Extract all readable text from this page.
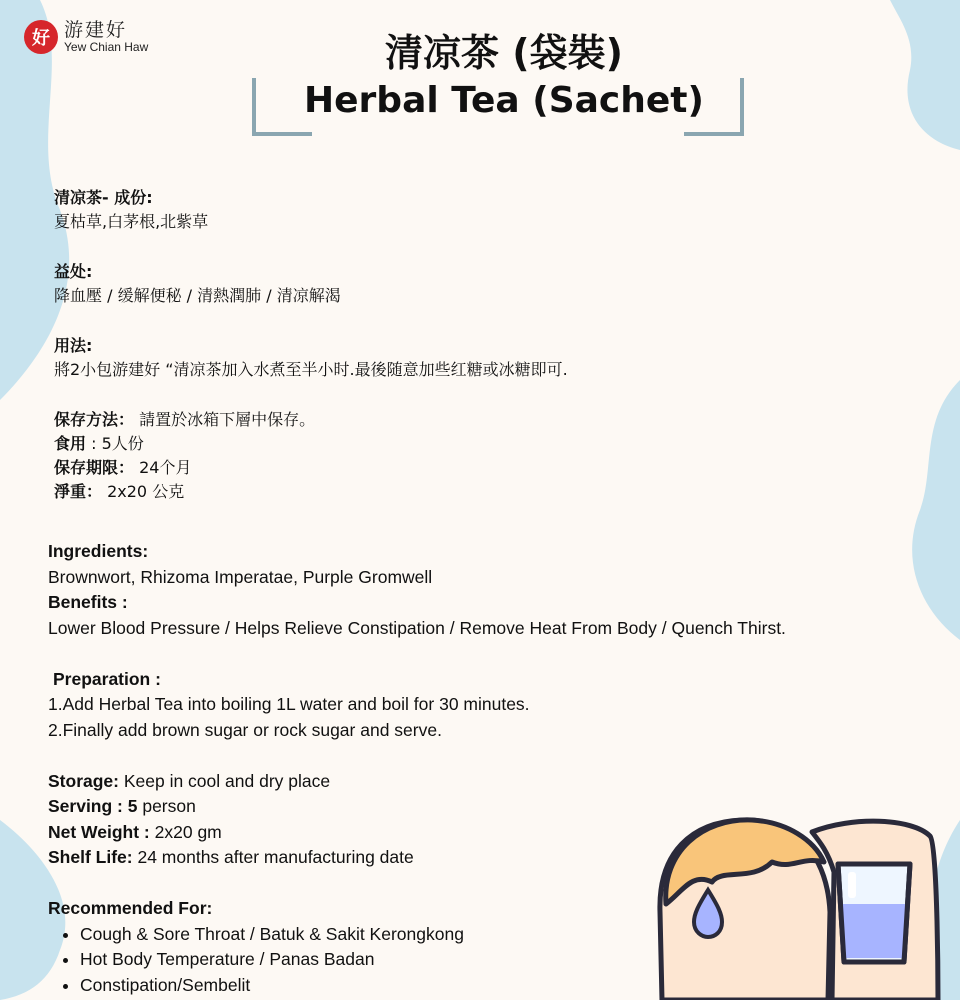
好 游建好
Yew Chian Haw	清凉茶 (袋裝)
Herbal Tea (Sachet)
清凉茶- 成份:
夏枯草,白茅根,北紫草
益处:
降血壓 / 缓解便秘 / 清熱潤肺 / 清凉解渴
用法:
將2小包游建好 “清凉茶加入水煮至半小时.最後随意加些红糖或冰糖即可.
保存方法： 請置於冰箱下層中保存。
食用 : 5人份
保存期限： 24个月
淨重： 2x20 公克
Ingredients:
Brownwort, Rhizoma Imperatae, Purple Gromwell
Benefits :
Lower Blood Pressure / Helps Relieve Constipation / Remove Heat From Body / Quench Thirst.
Preparation :
1.Add Herbal Tea into boiling 1L water and boil for 30 minutes.
2.Finally add brown sugar or rock sugar and serve.
Storage: Keep in cool and dry place
Serving : 5 person
Net Weight : 2x20 gm
Shelf Life: 24 months after manufacturing date
Recommended For:
• Cough & Sore Throat / Batuk & Sakit Kerongkong
• Hot Body Temperature / Panas Badan
• Constipation/Sembelit
